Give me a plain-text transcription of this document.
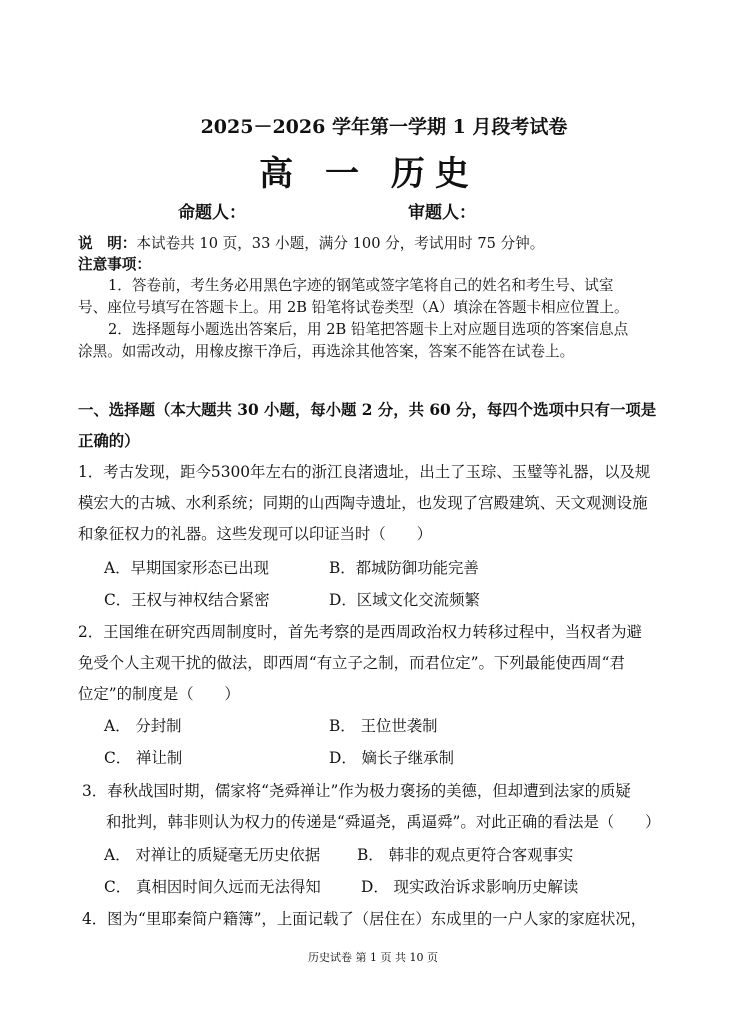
2025－2026 学年第一学期 1 月段考试卷
高 一 历史
命题人：	审题人：
说　明：本试卷共 10 页，33 小题，满分 100 分，考试用时 75 分钟。
注意事项：
1．答卷前，考生务必用黑色字迹的钢笔或签字笔将自己的姓名和考生号、试室
号、座位号填写在答题卡上。用 2B 铅笔将试卷类型（A）填涂在答题卡相应位置上。
2．选择题每小题选出答案后，用 2B 铅笔把答题卡上对应题目选项的答案信息点
涂黑。如需改动，用橡皮擦干净后，再选涂其他答案，答案不能答在试卷上。
一、选择题（本大题共 30 小题，每小题 2 分，共 60 分，每四个选项中只有一项是
正确的）
1．考古发现，距今5300年左右的浙江良渚遗址，出土了玉琮、玉璧等礼器，以及规
模宏大的古城、水利系统；同期的山西陶寺遗址，也发现了宫殿建筑、天文观测设施
和象征权力的礼器。这些发现可以印证当时（　　）
A．早期国家形态已出现	B．都城防御功能完善
C．王权与神权结合紧密	D．区域文化交流频繁
2．王国维在研究西周制度时，首先考察的是西周政治权力转移过程中，当权者为避
免受个人主观干扰的做法，即西周“有立子之制，而君位定”。下列最能使西周“君
位定”的制度是（　　）
A． 分封制	B． 王位世袭制
C． 禅让制	D． 嫡长子继承制
3．春秋战国时期，儒家将“尧舜禅让”作为极力褒扬的美德，但却遭到法家的质疑
和批判，韩非则认为权力的传递是“舜逼尧，禹逼舜”。对此正确的看法是（　　）
A． 对禅让的质疑毫无历史依据 B． 韩非的观点更符合客观事实
C． 真相因时间久远而无法得知	D． 现实政治诉求影响历史解读
4．图为“里耶秦简户籍簿”，上面记载了（居住在）东成里的一户人家的家庭状况，
历史试卷 第 1 页 共 10 页
